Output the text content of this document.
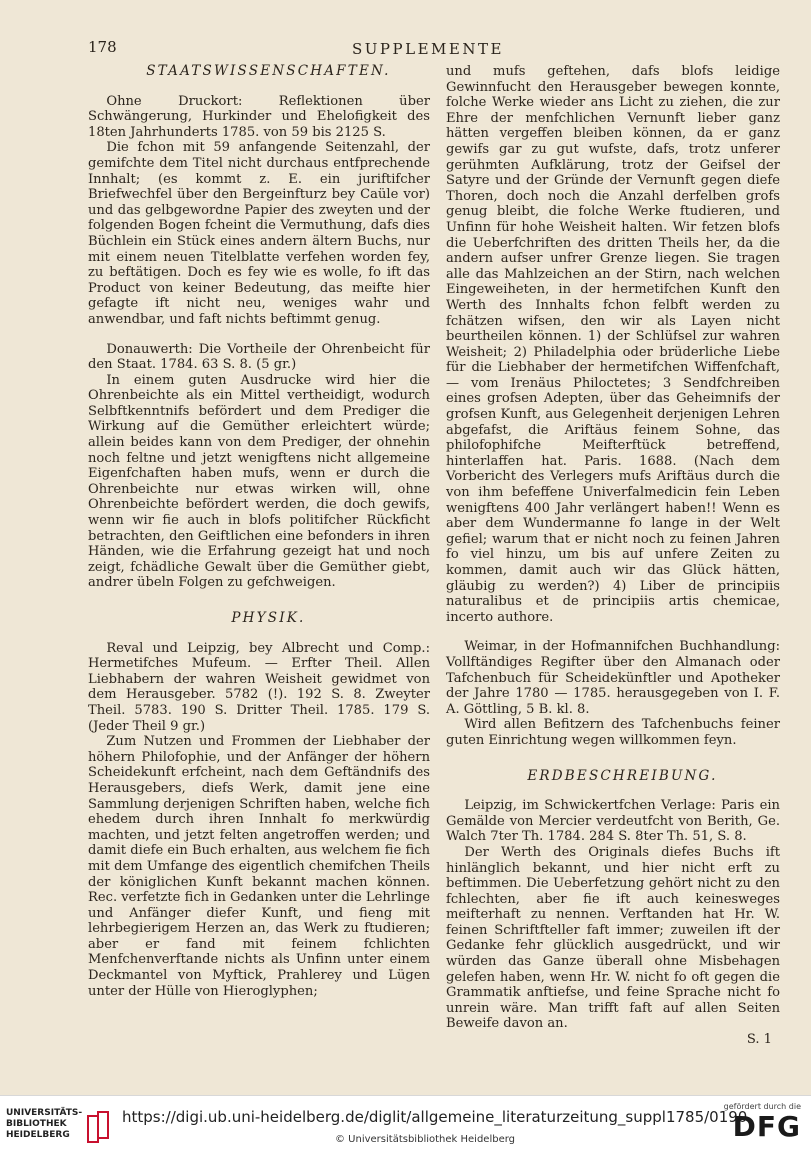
178	SUPPLEMENTE

STAATSWISSENSCHAFTEN.

Ohne Druckort: Reflektionen über Schwängerung, Hurkinder und Ehelofigkeit des 18ten Jahrhunderts 1785. von 59 bis 2125 S.

Die fchon mit 59 anfangende Seitenzahl, der gemifchte dem Titel nicht durchaus entfprechende Innhalt; (es kommt z. E. ein juriftifcher Briefwechfel über den Bergeinfturz bey Caüle vor) und das gelbgewordne Papier des zweyten und der folgenden Bogen fcheint die Vermuthung, dafs dies Büchlein ein Stück eines andern ältern Buchs, nur mit einem neuen Titelblatte verfehen worden fey, zu beftätigen. Doch es fey wie es wolle, fo ift das Product von keiner Bedeutung, das meifte hier gefagte ift nicht neu, weniges wahr und anwendbar, und faft nichts beftimmt genug.

Donauwerth: Die Vortheile der Ohrenbeicht für den Staat. 1784. 63 S. 8. (5 gr.)

In einem guten Ausdrucke wird hier die Ohrenbeichte als ein Mittel vertheidigt, wodurch Selbftkenntnifs befördert und dem Prediger die Wirkung auf die Gemüther erleichtert würde; allein beides kann von dem Prediger, der ohnehin noch feltne und jetzt wenigftens nicht allgemeine Eigenfchaften haben mufs, wenn er durch die Ohrenbeichte nur etwas wirken will, ohne Ohrenbeichte befördert werden, die doch gewifs, wenn wir fie auch in blofs politifcher Rückficht betrachten, den Geiftlichen eine befonders in ihren Händen, wie die Erfahrung gezeigt hat und noch zeigt, fchädliche Gewalt über die Gemüther giebt, andrer übeln Folgen zu gefchweigen.

PHYSIK.

Reval und Leipzig, bey Albrecht und Comp.: Hermetifches Mufeum. — Erfter Theil. Allen Liebhabern der wahren Weisheit gewidmet von dem Herausgeber. 5782 (!). 192 S. 8. Zweyter Theil. 5783. 190 S. Dritter Theil. 1785. 179 S. (Jeder Theil 9 gr.)

Zum Nutzen und Frommen der Liebhaber der höhern Philofophie, und der Anfänger der höhern Scheidekunft erfcheint, nach dem Geftändnifs des Herausgebers, diefs Werk, damit jene eine Sammlung derjenigen Schriften haben, welche fich ehedem durch ihren Innhalt fo merkwürdig machten, und jetzt felten angetroffen werden; und damit diefe ein Buch erhalten, aus welchem fie fich mit dem Umfange des eigentlich chemifchen Theils der königlichen Kunft bekannt machen können. Rec. verfetzte fich in Gedanken unter die Lehrlinge und Anfänger diefer Kunft, und fieng mit lehrbegierigem Herzen an, das Werk zu ftudieren; aber er fand mit feinem fchlichten Menfchenverftande nichts als Unfinn unter einem Deckmantel von Myftick, Prahlerey und Lügen unter der Hülle von Hieroglyphen;

und mufs geftehen, dafs blofs leidige Gewinnfucht den Herausgeber bewegen konnte, folche Werke wieder ans Licht zu ziehen, die zur Ehre der menfchlichen Vernunft lieber ganz hätten vergeffen bleiben können, da er ganz gewifs gar zu gut wufste, dafs, trotz unferer gerühmten Aufklärung, trotz der Geifsel der Satyre und der Gründe der Vernunft gegen diefe Thoren, doch noch die Anzahl derfelben grofs genug bleibt, die folche Werke ftudieren, und Unfinn für hohe Weisheit halten. Wir fetzen blofs die Ueberfchriften des dritten Theils her, da die andern aufser unfrer Grenze liegen. Sie tragen alle das Mahlzeichen an der Stirn, nach welchen Eingeweiheten, in der hermetifchen Kunft den Werth des Innhalts fchon felbft werden zu fchätzen wifsen, den wir als Layen nicht beurtheilen können. 1) der Schlüfsel zur wahren Weisheit; 2) Philadelphia oder brüderliche Liebe für die Liebhaber der hermetifchen Wiffenfchaft, — vom Irenäus Philoctetes; 3 Sendfchreiben eines grofsen Adepten, über das Geheimnifs der grofsen Kunft, aus Gelegenheit derjenigen Lehren abgefafst, die Ariftäus feinem Sohne, das philofophifche Meifterftück betreffend, hinterlaffen hat. Paris. 1688. (Nach dem Vorbericht des Verlegers mufs Ariftäus durch die von ihm befeffene Univerfalmedicin fein Leben wenigftens 400 Jahr verlängert haben!! Wenn es aber dem Wundermanne fo lange in der Welt gefiel; warum that er nicht noch zu feinen Jahren fo viel hinzu, um bis auf unfere Zeiten zu kommen, damit auch wir das Glück hätten, gläubig zu werden?) 4) Liber de principiis naturalibus et de principiis artis chemicae, incerto authore.

Weimar, in der Hofmannifchen Buchhandlung: Vollftändiges Regifter über den Almanach oder Tafchenbuch für Scheidekünftler und Apotheker der Jahre 1780 — 1785. herausgegeben von I. F. A. Göttling, 5 B. kl. 8.

Wird allen Befitzern des Tafchenbuchs feiner guten Einrichtung wegen willkommen feyn.

ERDBESCHREIBUNG.

Leipzig, im Schwickertfchen Verlage: Paris ein Gemälde von Mercier verdeutfcht von Berith, Ge. Walch 7ter Th. 1784. 284 S. 8ter Th. 51, S. 8.

Der Werth des Originals diefes Buchs ift hinlänglich bekannt, und hier nicht erft zu beftimmen. Die Ueberfetzung gehört nicht zu den fchlechten, aber fie ift auch keinesweges meifterhaft zu nennen. Verftanden hat Hr. W. feinen Schriftfteller faft immer; zuweilen ift der Gedanke fehr glücklich ausgedrückt, und wir würden das Ganze überall ohne Misbehagen gelefen haben, wenn Hr. W. nicht fo oft gegen die Grammatik anftiefse, und feine Sprache nicht fo unrein wäre. Man trifft faft auf allen Seiten Beweife davon an.

S. 1

UNIVERSITÄTS-
BIBLIOTHEK
HEIDELBERG
https://digi.ub.uni-heidelberg.de/diglit/allgemeine_literaturzeitung_suppl1785/0190
© Universitätsbibliothek Heidelberg
gefördert durch die
DFG
